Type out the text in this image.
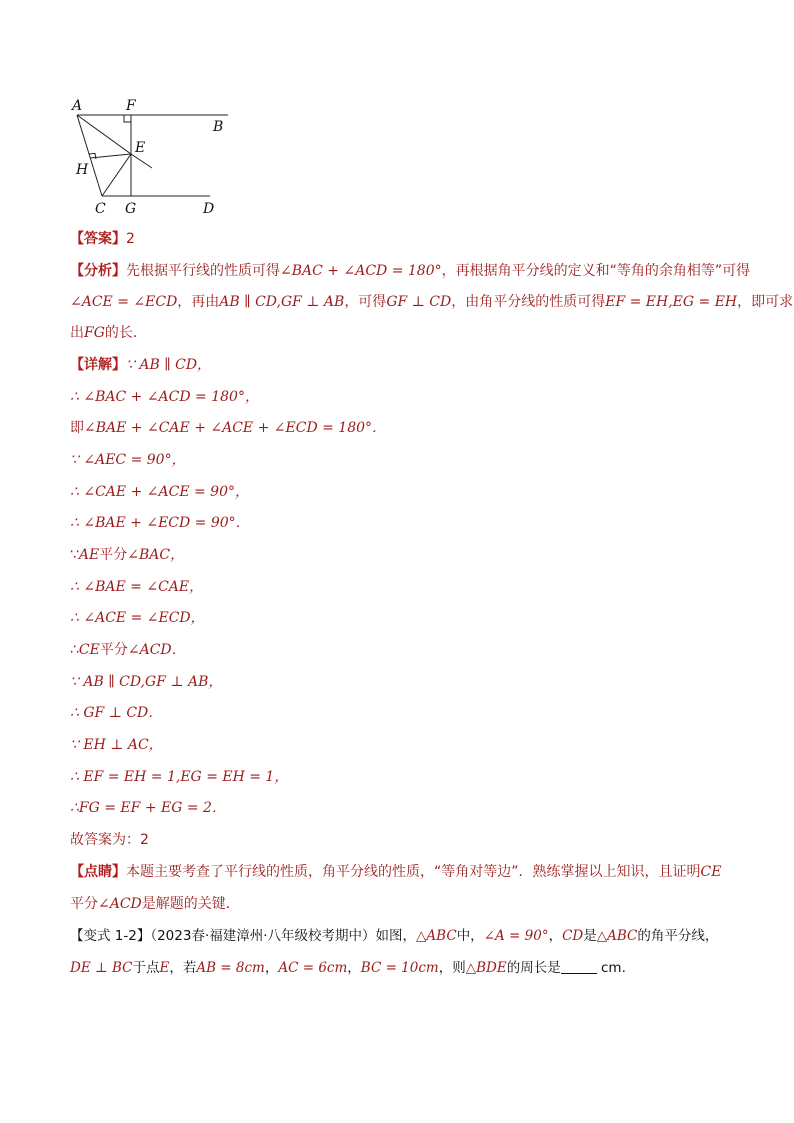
A	F
B
E
H
C G	D
【答案】2
【分析】先根据平行线的性质可得∠BAC + ∠ACD = 180°，再根据角平分线的定义和“等角的余角相等”可得
∠ACE = ∠ECD，再由AB ∥ CD,GF ⊥ AB，可得GF ⊥ CD，由角平分线的性质可得EF = EH,EG = EH，即可求
出FG的长．
【详解】∵ AB ∥ CD，
∴ ∠BAC + ∠ACD = 180°，
即∠BAE + ∠CAE + ∠ACE + ∠ECD = 180°．
∵ ∠AEC = 90°，
∴ ∠CAE + ∠ACE = 90°，
∴ ∠BAE + ∠ECD = 90°．
∵AE平分∠BAC，
∴ ∠BAE = ∠CAE，
∴ ∠ACE = ∠ECD，
∴CE平分∠ACD．
∵ AB ∥ CD,GF ⊥ AB，
∴ GF ⊥ CD．
∵ EH ⊥ AC，
∴ EF = EH = 1,EG = EH = 1，
∴FG = EF + EG = 2．
故答案为：2
【点睛】本题主要考查了平行线的性质，角平分线的性质，“等角对等边”．熟练掌握以上知识，且证明CE
平分∠ACD是解题的关键．
【变式 1-2】（2023春·福建漳州·八年级校考期中）如图，△ABC中，∠A = 90°，CD是△ABC的角平分线，
DE ⊥ BC于点E，若AB = 8cm，AC = 6cm，BC = 10cm，则△BDE的周长是	cm.
